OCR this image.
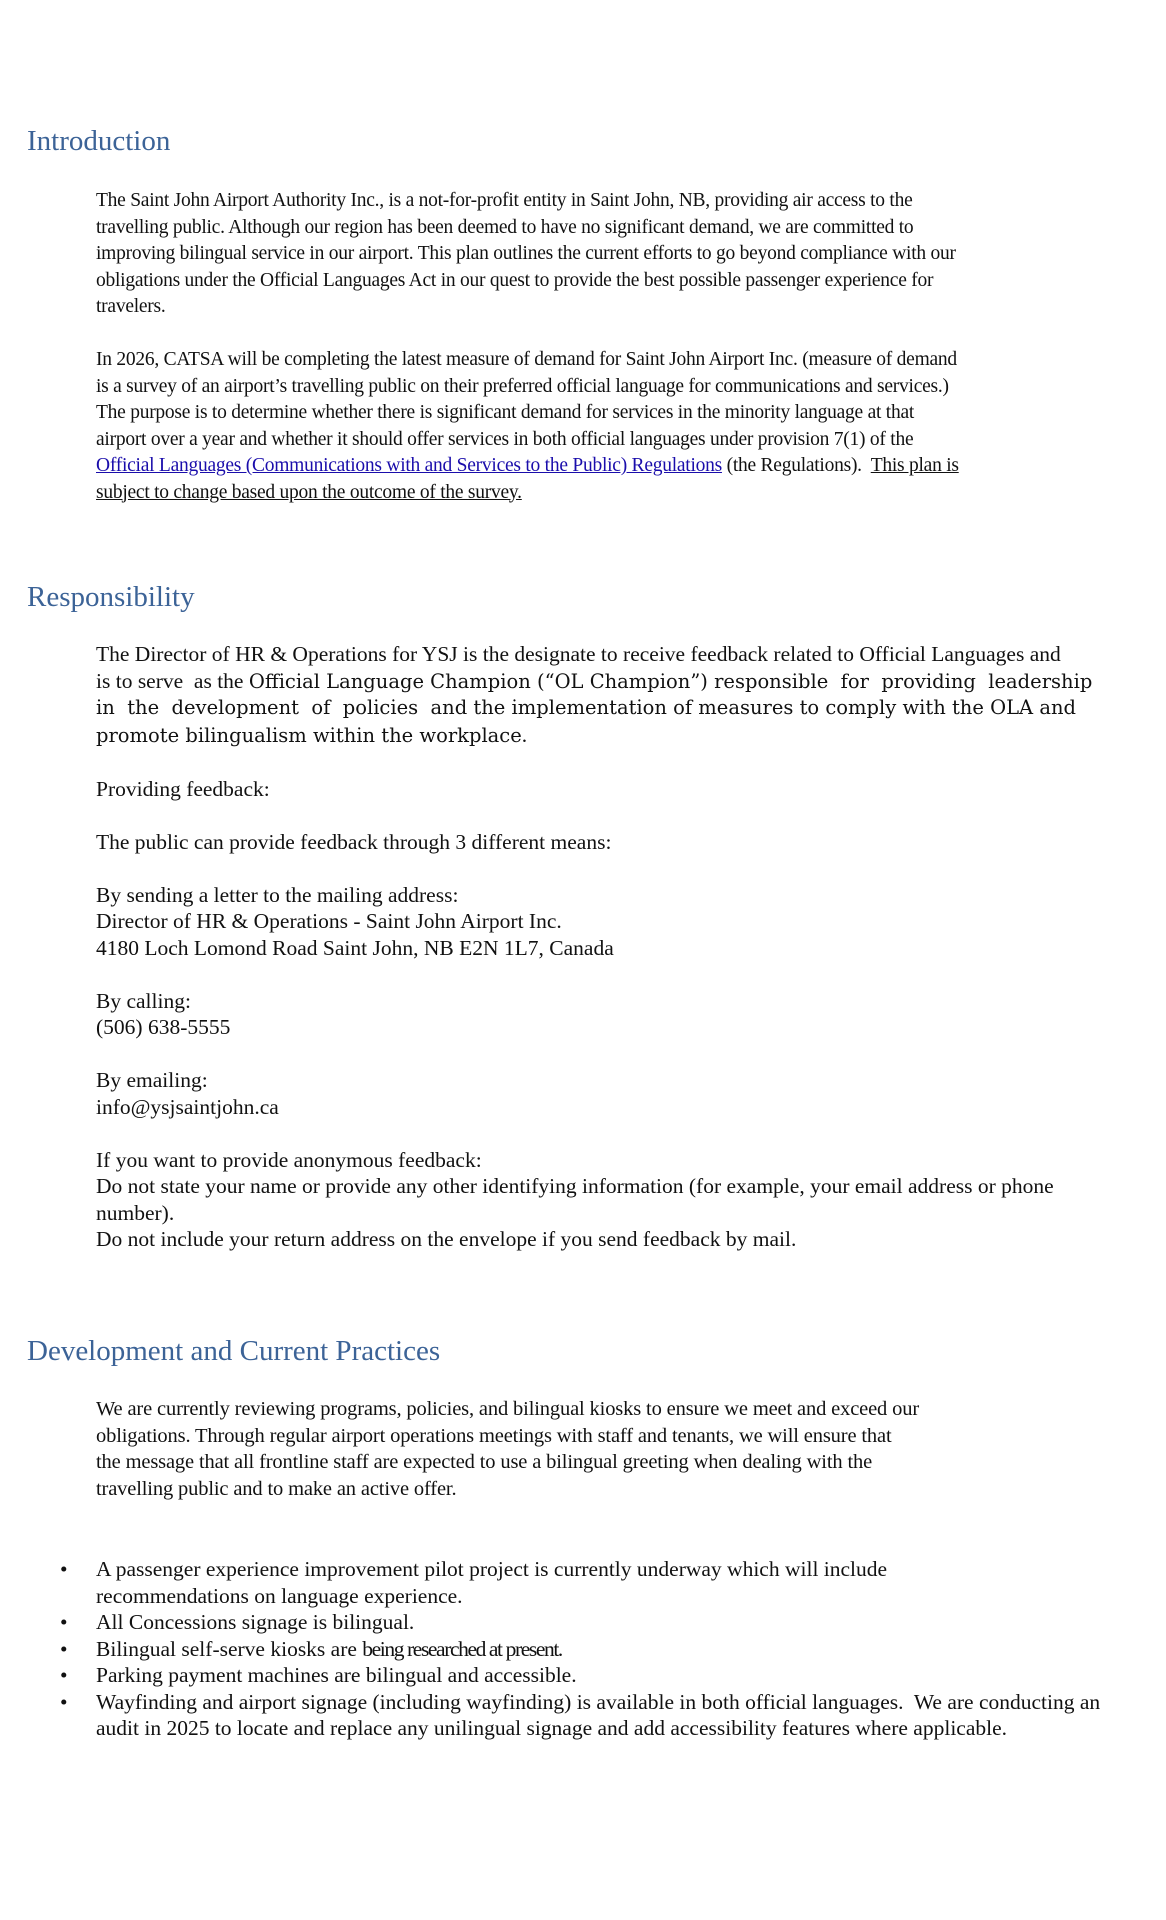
Introduction

The Saint John Airport Authority Inc., is a not-for-profit entity in Saint John, NB, providing air access to the
travelling public. Although our region has been deemed to have no significant demand, we are committed to
improving bilingual service in our airport. This plan outlines the current efforts to go beyond compliance with our
obligations under the Official Languages Act in our quest to provide the best possible passenger experience for
travelers.

In 2026, CATSA will be completing the latest measure of demand for Saint John Airport Inc. (measure of demand
is a survey of an airport’s travelling public on their preferred official language for communications and services.)
The purpose is to determine whether there is significant demand for services in the minority language at that
airport over a year and whether it should offer services in both official languages under provision 7(1) of the
Official Languages (Communications with and Services to the Public) Regulations (the Regulations).  This plan is
subject to change based upon the outcome of the survey.

Responsibility
The Director of HR & Operations for YSJ is the designate to receive feedback related to Official Languages and
is to serve  as the Official Language Champion (“OL Champion”) responsible  for  providing  leadership
in  the  development  of  policies  and the implementation of measures to comply with the OLA and
promote bilingualism within the workplace.
Providing feedback:
The public can provide feedback through 3 different means:
By sending a letter to the mailing address:
Director of HR & Operations - Saint John Airport Inc.
4180 Loch Lomond Road Saint John, NB E2N 1L7, Canada
By calling:
(506) 638-5555
By emailing:
info@ysjsaintjohn.ca
If you want to provide anonymous feedback:
Do not state your name or provide any other identifying information (for example, your email address or phone
number).
Do not include your return address on the envelope if you send feedback by mail.
Development and Current Practices

We are currently reviewing programs, policies, and bilingual kiosks to ensure we meet and exceed our
obligations. Through regular airport operations meetings with staff and tenants, we will ensure that
the message that all frontline staff are expected to use a bilingual greeting when dealing with the
travelling public and to make an active offer.

• A passenger experience improvement pilot project is currently underway which will include
recommendations on language experience.
• All Concessions signage is bilingual.
• Bilingual self-serve kiosks are being researched at present.
• Parking payment machines are bilingual and accessible.
• Wayfinding and airport signage (including wayfinding) is available in both official languages.  We are conducting an
audit in 2025 to locate and replace any unilingual signage and add accessibility features where applicable.
